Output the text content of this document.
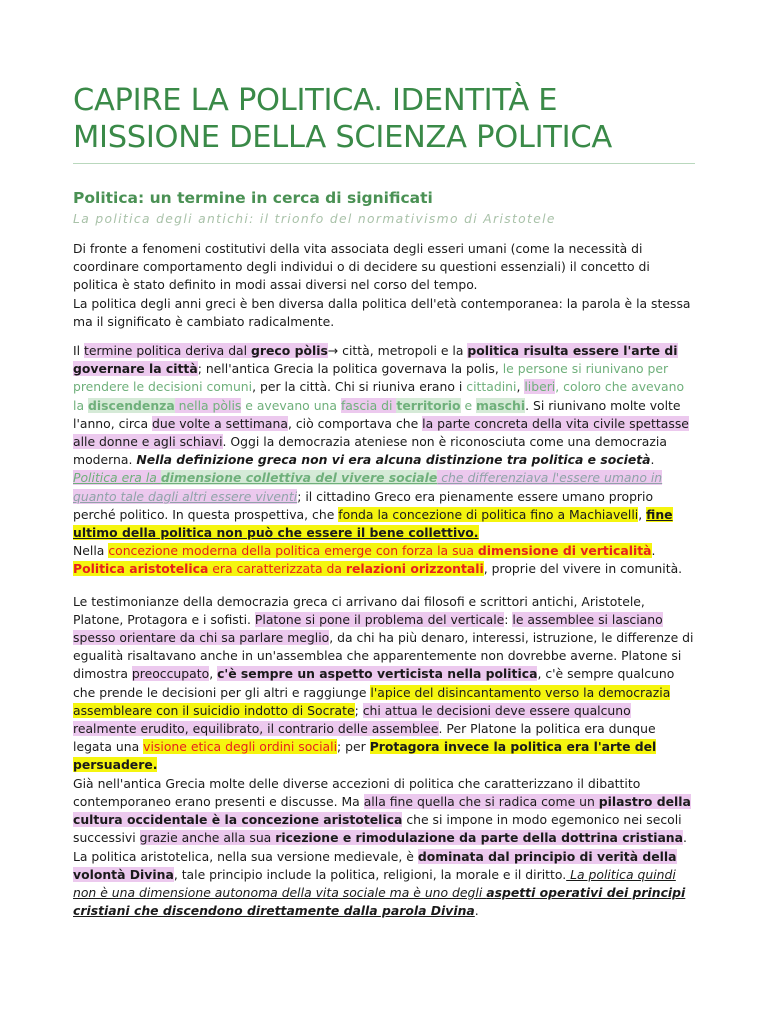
CAPIRE LA POLITICA. IDENTITÀ E MISSIONE DELLA SCIENZA POLITICA
Politica: un termine in cerca di significati
La politica degli antichi: il trionfo del normativismo di Aristotele

Di fronte a fenomeni costitutivi della vita associata degli esseri umani (come la necessità di coordinare comportamento degli individui o di decidere su questioni essenziali) il concetto di politica è stato definito in modi assai diversi nel corso del tempo.
La politica degli anni greci è ben diversa dalla politica dell'età contemporanea: la parola è la stessa ma il significato è cambiato radicalmente.

Il termine politica deriva dal greco pòlis→ città, metropoli e la politica risulta essere l'arte di governare la città; nell'antica Grecia la politica governava la polis, le persone si riunivano per prendere le decisioni comuni, per la città. Chi si riuniva erano i cittadini, liberi, coloro che avevano la discendenza nella pòlis e avevano una fascia di territorio e maschi. Si riunivano molte volte l'anno, circa due volte a settimana, ciò comportava che la parte concreta della vita civile spettasse alle donne e agli schiavi. Oggi la democrazia ateniese non è riconosciuta come una democrazia moderna. Nella definizione greca non vi era alcuna distinzione tra politica e società. Politica era la dimensione collettiva del vivere sociale che differenziava l'essere umano in quanto tale dagli altri essere viventi; il cittadino Greco era pienamente essere umano proprio perché politico. In questa prospettiva, che fonda la concezione di politica fino a Machiavelli, fine ultimo della politica non può che essere il bene collettivo.
Nella concezione moderna della politica emerge con forza la sua dimensione di verticalità.
Politica aristotelica era caratterizzata da relazioni orizzontali, proprie del vivere in comunità.

Le testimonianze della democrazia greca ci arrivano dai filosofi e scrittori antichi, Aristotele, Platone, Protagora e i sofisti. Platone si pone il problema del verticale: le assemblee si lasciano spesso orientare da chi sa parlare meglio, da chi ha più denaro, interessi, istruzione, le differenze di egualità risaltavano anche in un'assemblea che apparentemente non dovrebbe averne. Platone si dimostra preoccupato, c'è sempre un aspetto verticista nella politica, c'è sempre qualcuno che prende le decisioni per gli altri e raggiunge l'apice del disincantamento verso la democrazia assembleare con il suicidio indotto di Socrate; chi attua le decisioni deve essere qualcuno realmente erudito, equilibrato, il contrario delle assemblee. Per Platone la politica era dunque legata una visione etica degli ordini sociali; per Protagora invece la politica era l'arte del persuadere.
Già nell'antica Grecia molte delle diverse accezioni di politica che caratterizzano il dibattito contemporaneo erano presenti e discusse. Ma alla fine quella che si radica come un pilastro della cultura occidentale è la concezione aristotelica che si impone in modo egemonico nei secoli successivi grazie anche alla sua ricezione e rimodulazione da parte della dottrina cristiana. La politica aristotelica, nella sua versione medievale, è dominata dal principio di verità della volontà Divina, tale principio include la politica, religioni, la morale e il diritto. La politica quindi non è una dimensione autonoma della vita sociale ma è uno degli aspetti operativi dei principi cristiani che discendono direttamente dalla parola Divina.
